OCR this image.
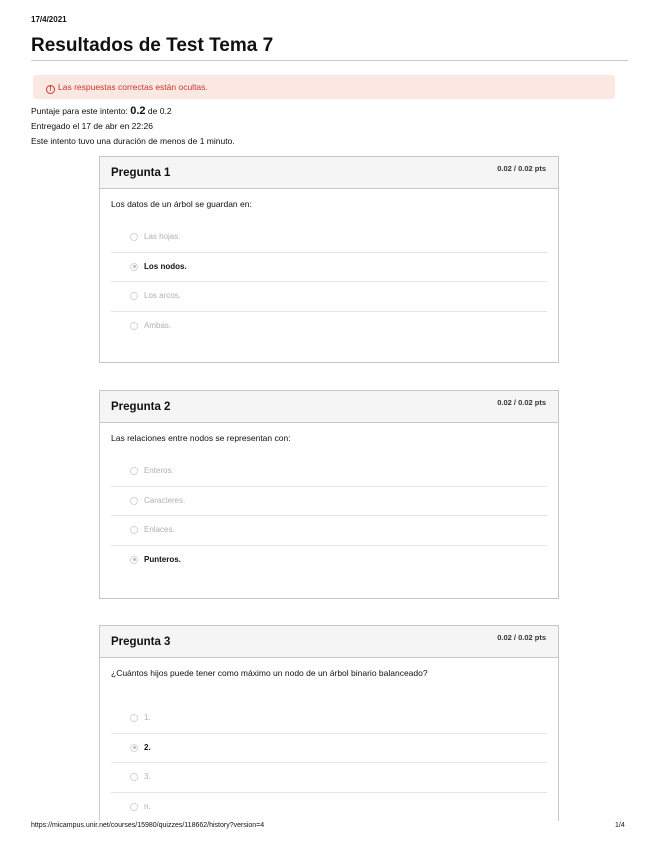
17/4/2021
Resultados de Test Tema 7
! Las respuestas correctas están ocultas.
Puntaje para este intento: 0.2 de 0.2
Entregado el 17 de abr en 22:26
Este intento tuvo una duración de menos de 1 minuto.
Pregunta 1	0.02 / 0.02 pts
Los datos de un árbol se guardan en:
Las hojas.
Los nodos.
Los arcos.
Ambas.
Pregunta 2	0.02 / 0.02 pts
Las relaciones entre nodos se representan con:
Enteros.
Caracteres.
Enlaces.
Punteros.
Pregunta 3	0.02 / 0.02 pts
¿Cuántos hijos puede tener como máximo un nodo de un árbol binario balanceado?
1.
2.
3.
n.
https://micampus.unir.net/courses/15980/quizzes/118662/history?version=4	1/4
